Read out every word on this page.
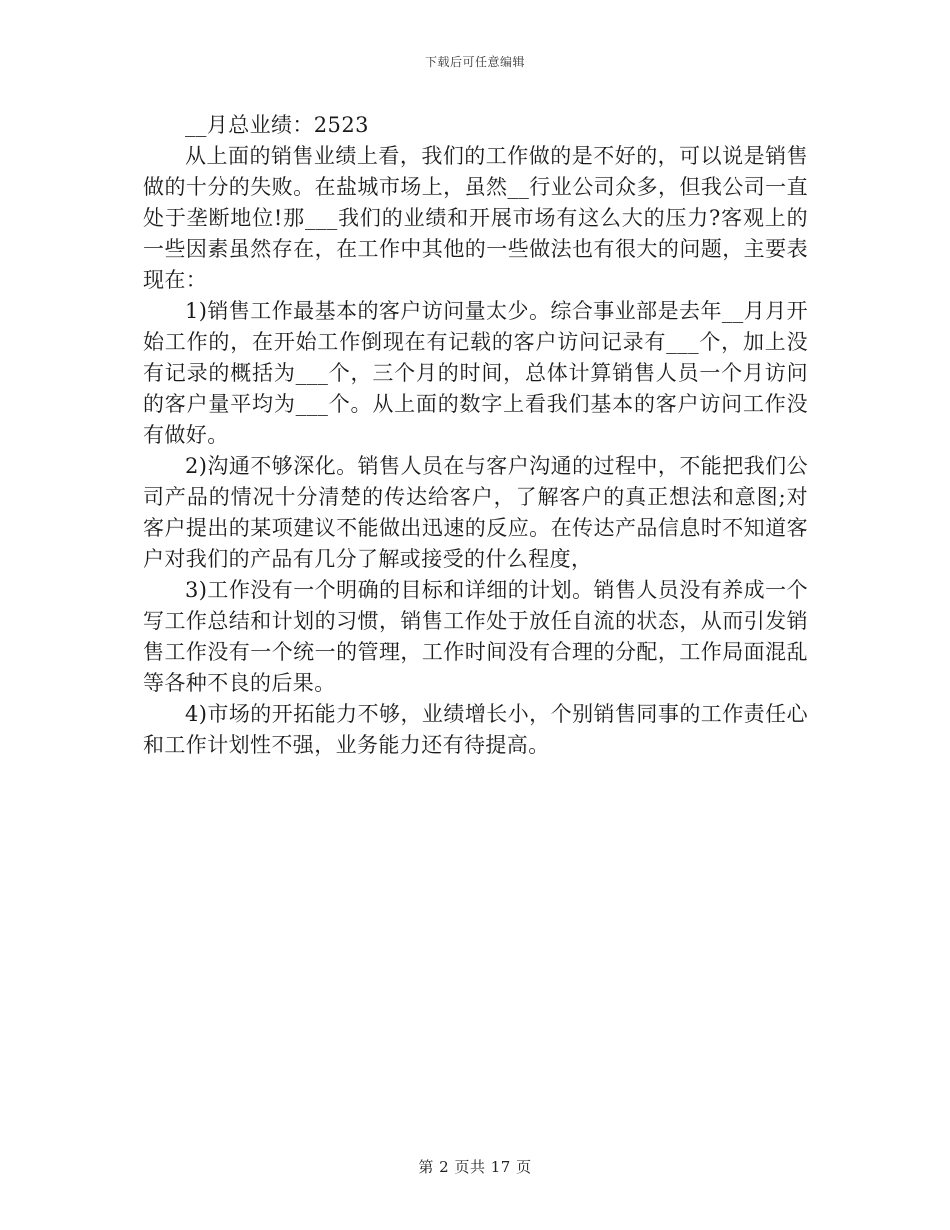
下载后可任意编辑

__月总业绩：2523

从上面的销售业绩上看，我们的工作做的是不好的，可以说是销售做的十分的失败。在盐城市场上，虽然__行业公司众多，但我公司一直处于垄断地位!那___我们的业绩和开展市场有这么大的压力?客观上的一些因素虽然存在，在工作中其他的一些做法也有很大的问题，主要表现在：

1)销售工作最基本的客户访问量太少。综合事业部是去年__月月开始工作的，在开始工作倒现在有记载的客户访问记录有___个，加上没有记录的概括为___个，三个月的时间，总体计算销售人员一个月访问的客户量平均为___个。从上面的数字上看我们基本的客户访问工作没有做好。

2)沟通不够深化。销售人员在与客户沟通的过程中，不能把我们公司产品的情况十分清楚的传达给客户，了解客户的真正想法和意图;对客户提出的某项建议不能做出迅速的反应。在传达产品信息时不知道客户对我们的产品有几分了解或接受的什么程度，

3)工作没有一个明确的目标和详细的计划。销售人员没有养成一个写工作总结和计划的习惯，销售工作处于放任自流的状态，从而引发销售工作没有一个统一的管理，工作时间没有合理的分配，工作局面混乱等各种不良的后果。

4)市场的开拓能力不够，业绩增长小，个别销售同事的工作责任心和工作计划性不强，业务能力还有待提高。

第 2 页共 17 页
